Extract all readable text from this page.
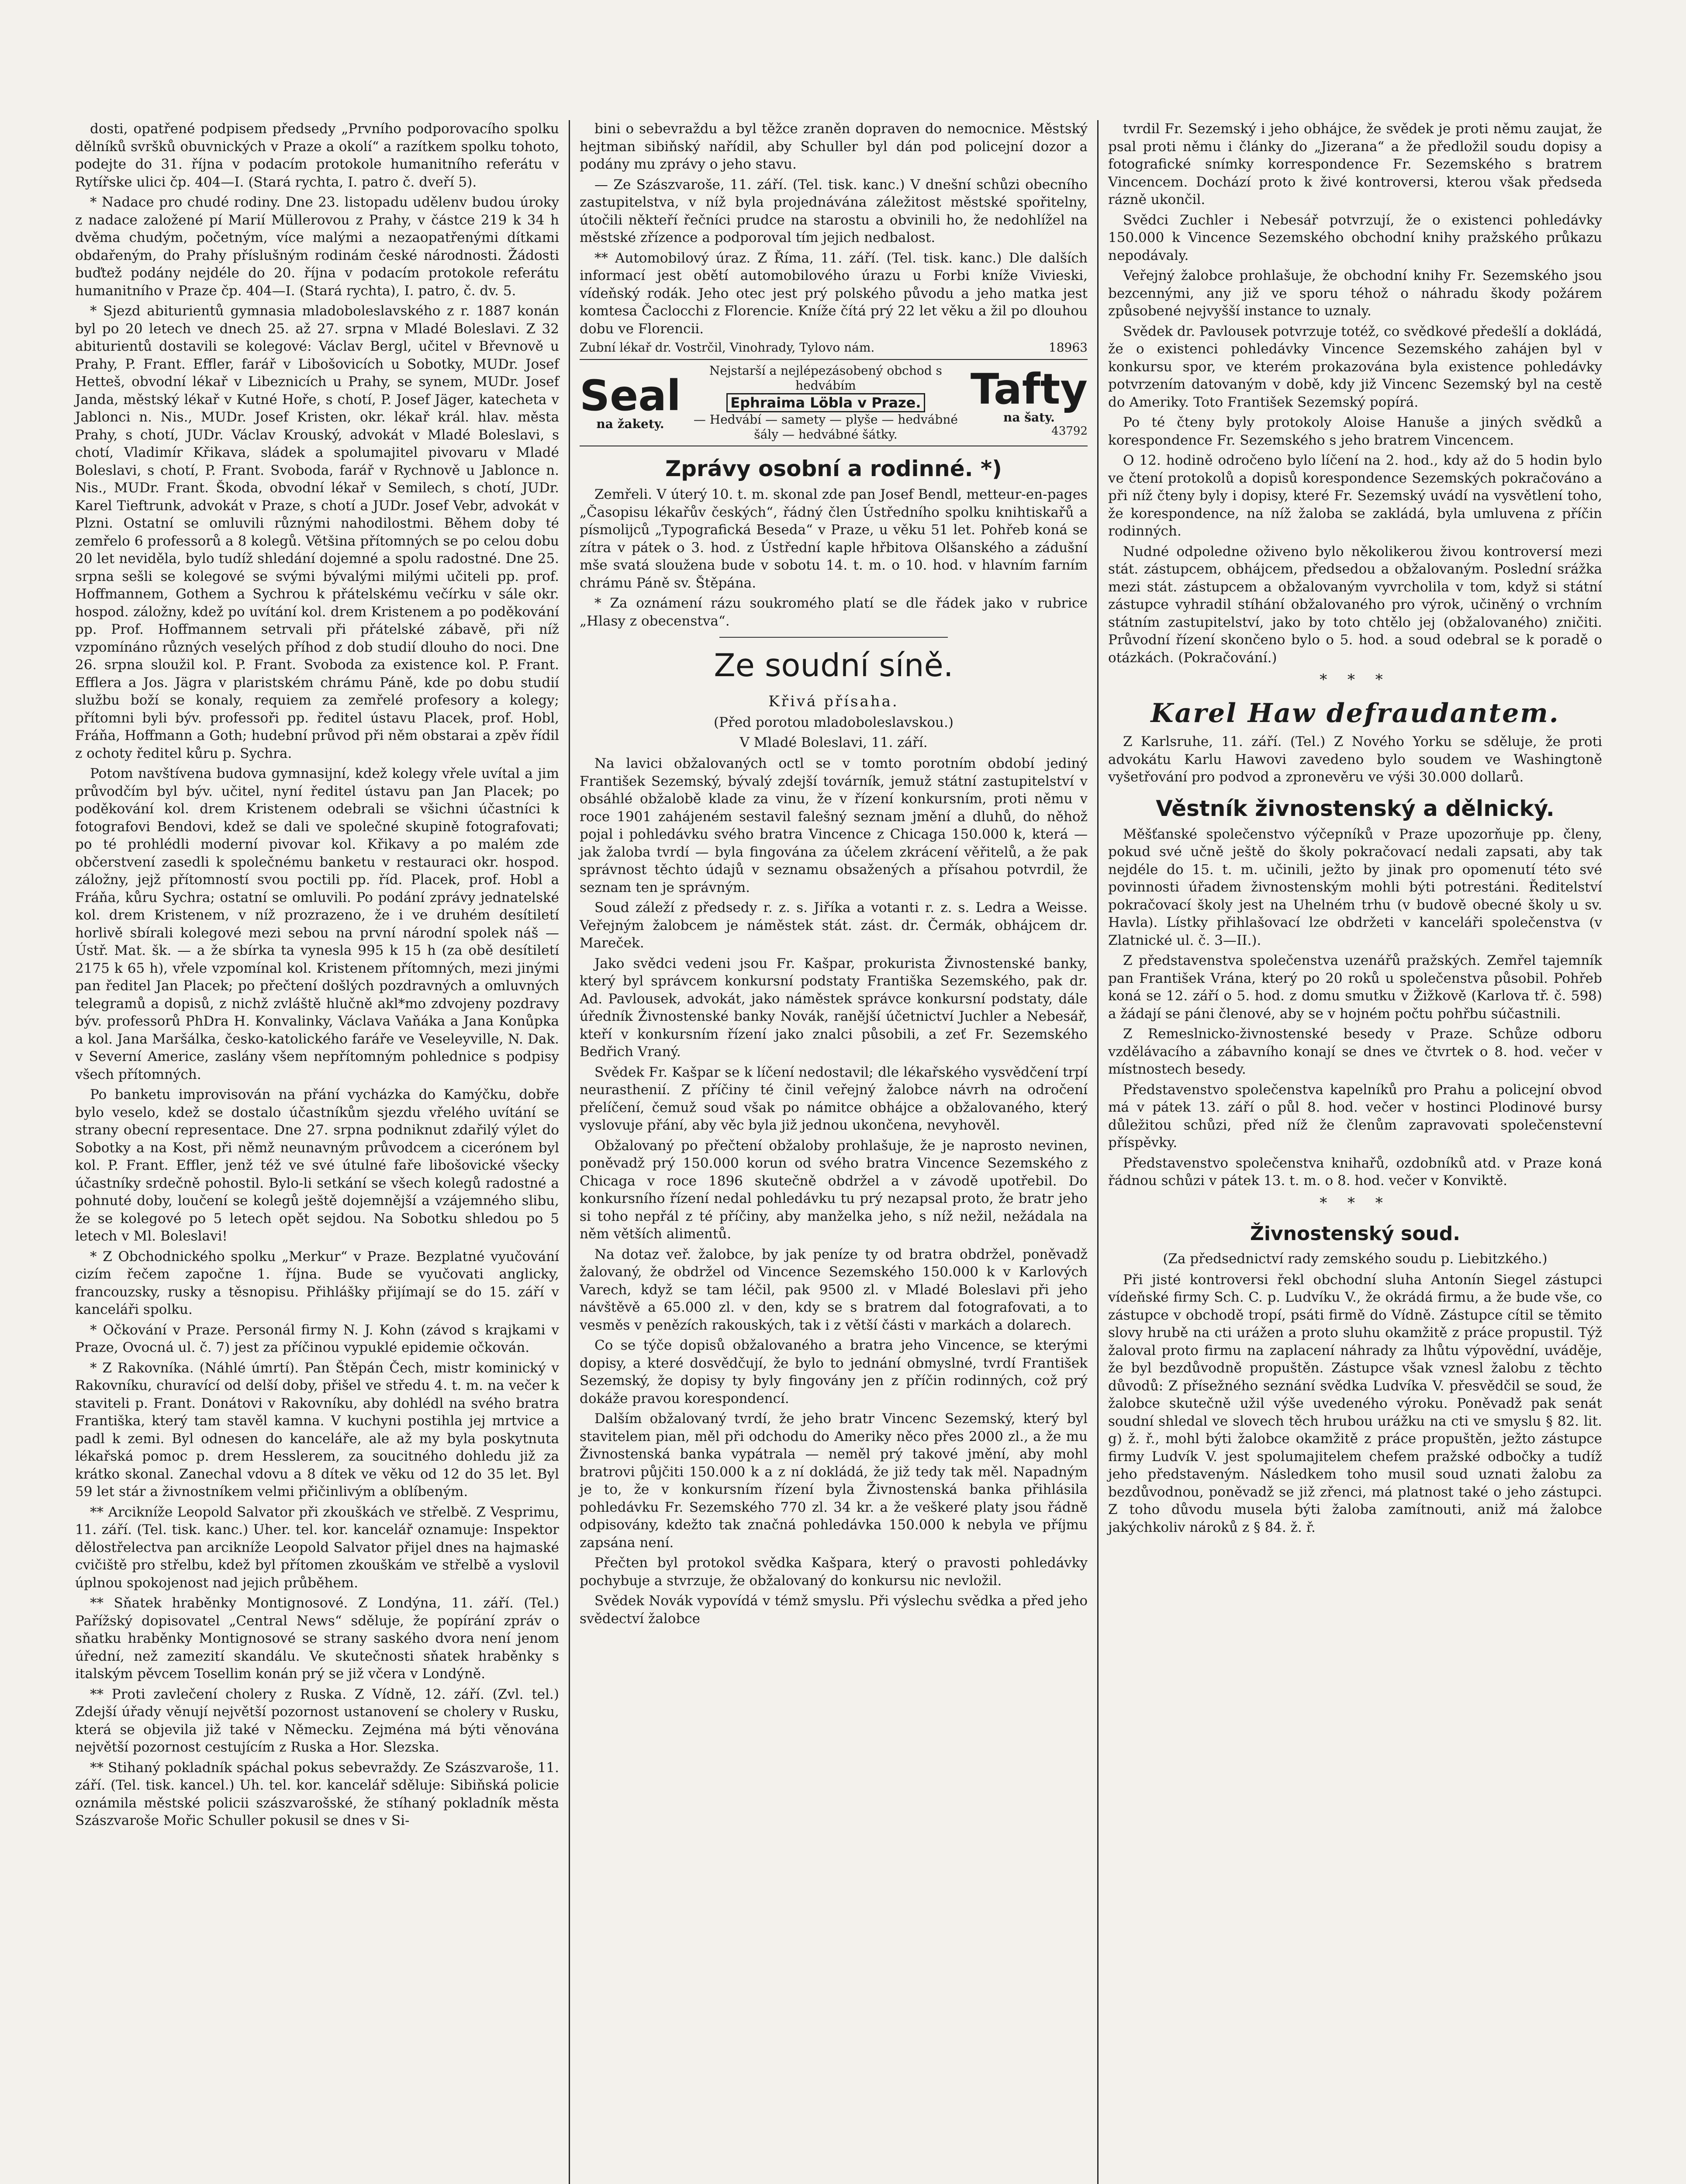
dosti, opatřené podpisem předsedy „Prvního podporovacího spolku dělníků svršků obuvnických v Praze a okolí“ a razítkem spolku tohoto, podejte do 31. října v podacím protokole humanitního referátu v Rytířske ulici čp. 404—I. (Stará rychta, I. patro č. dveří 5).

* Nadace pro chudé rodiny. Dne 23. listopadu udělenv budou úroky z nadace založené pí Marií Müllerovou z Prahy, v částce 219 k 34 h dvěma chudým, početným, více malými a nezaopatřenými dítkami obdařeným, do Prahy příslušným rodinám české národnosti. Žádosti buďtež podány nejdéle do 20. října v podacím protokole referátu humanitního v Praze čp. 404—I. (Stará rychta), I. patro, č. dv. 5.

* Sjezd abiturientů gymnasia mladoboleslavského z r. 1887 konán byl po 20 letech ve dnech 25. až 27. srpna v Mladé Boleslavi. Z 32 abiturientů dostavili se kolegové: Václav Bergl, učitel v Břevnově u Prahy, P. Frant. Effler, farář v Libošovicích u Sobotky, MUDr. Josef Hetteš, obvodní lékař v Libeznicích u Prahy, se synem, MUDr. Josef Janda, městský lékař v Kutné Hoře, s chotí, P. Josef Jäger, katecheta v Jablonci n. Nis., MUDr. Josef Kristen, okr. lékař král. hlav. města Prahy, s chotí, JUDr. Václav Krouský, advokát v Mladé Boleslavi, s chotí, Vladimír Křikava, sládek a spolumajitel pivovaru v Mladé Boleslavi, s chotí, P. Frant. Svoboda, farář v Rychnově u Jablonce n. Nis., MUDr. Frant. Škoda, obvodní lékař v Semilech, s chotí, JUDr. Karel Tieftrunk, advokát v Praze, s chotí a JUDr. Josef Vebr, advokát v Plzni. Ostatní se omluvili různými nahodilostmi. Během doby té zemřelo 6 professorů a 8 kolegů. Většina přítomných se po celou dobu 20 let neviděla, bylo tudíž shledání dojemné a spolu radostné. Dne 25. srpna sešli se kolegové se svými bývalými milými učiteli pp. prof. Hoffmannem, Gothem a Sychrou k přátelskému večírku v sále okr. hospod. záložny, kdež po uvítání kol. drem Kristenem a po poděkování pp. Prof. Hoffmannem setrvali při přátelské zábavě, při níž vzpomínáno různých veselých příhod z dob studií dlouho do noci. Dne 26. srpna sloužil kol. P. Frant. Svoboda za existence kol. P. Frant. Efflera a Jos. Jägra v plaristském chrámu Páně, kde po dobu studií službu boží se konaly, requiem za zemřelé profesory a kolegy; přítomni byli býv. professoři pp. ředitel ústavu Placek, prof. Hobl, Fráňa, Hoffmann a Goth; hudební průvod při něm obstarai a zpěv řídil z ochoty ředitel kůru p. Sychra.

Potom navštívena budova gymnasijní, kdež kolegy vřele uvítal a jim průvodčím byl býv. učitel, nyní ředitel ústavu pan Jan Placek; po poděkování kol. drem Kristenem odebrali se všichni účastníci k fotografovi Bendovi, kdež se dali ve společné skupině fotografovati; po té prohlédli moderní pivovar kol. Křikavy a po malém zde občerstvení zasedli k společnému banketu v restauraci okr. hospod. záložny, jejž přítomností svou poctili pp. říd. Placek, prof. Hobl a Fráňa, kůru Sychra; ostatní se omluvili. Po podání zprávy jednatelské kol. drem Kristenem, v níž prozrazeno, že i ve druhém desítiletí horlivě sbírali kolegové mezi sebou na první národní spolek náš — Ústř. Mat. šk. — a že sbírka ta vynesla 995 k 15 h (za obě desítiletí 2175 k 65 h), vřele vzpomínal kol. Kristenem přítomných, mezi jinými pan ředitel Jan Placek; po přečtení došlých pozdravných a omluvných telegramů a dopisů, z nichž zvláště hlučně akl*mo zdvojeny pozdravy býv. professorů PhDra H. Konvalinky, Václava Vaňáka a Jana Konůpka a kol. Jana Maršálka, česko-katolického faráře ve Veseleyville, N. Dak. v Severní Americe, zaslány všem nepřítomným pohlednice s podpisy všech přítomných.

Po banketu improvisován na přání vycházka do Kamýčku, dobře bylo veselo, kdež se dostalo účastníkům sjezdu vřelého uvítání se strany obecní representace. Dne 27. srpna podniknut zdařilý výlet do Sobotky a na Kost, při němž neunavným průvodcem a cicerónem byl kol. P. Frant. Effler, jenž též ve své útulné faře libošovické všecky účastníky srdečně pohostil. Bylo-li setkání se všech kolegů radostné a pohnuté doby, loučení se kolegů ještě dojemnější a vzájemného slibu, že se kolegové po 5 letech opět sejdou. Na Sobotku shledou po 5 letech v Ml. Boleslavi!

* Z Obchodnického spolku „Merkur“ v Praze. Bezplatné vyučování cizím řečem započne 1. října. Bude se vyučovati anglicky, francouzsky, rusky a těsnopisu. Přihlášky přijímají se do 15. září v kanceláři spolku.

* Očkování v Praze. Personál firmy N. J. Kohn (závod s krajkami v Praze, Ovocná ul. č. 7) jest za příčinou vypuklé epidemie očkován.

* Z Rakovníka. (Náhlé úmrtí). Pan Štěpán Čech, mistr kominický v Rakovníku, churavící od delší doby, přišel ve středu 4. t. m. na večer k staviteli p. Frant. Donátovi v Rakovníku, aby dohlédl na svého bratra Františka, který tam stavěl kamna. V kuchyni postihla jej mrtvice a padl k zemi. Byl odnesen do kanceláře, ale až my byla poskytnuta lékařská pomoc p. drem Hesslerem, za soucitného dohledu již za krátko skonal. Zanechal vdovu a 8 dítek ve věku od 12 do 35 let. Byl 59 let stár a živnostníkem velmi přičinlivým a oblíbeným.

** Arcikníže Leopold Salvator při zkouškách ve střelbě. Z Vesprimu, 11. září. (Tel. tisk. kanc.) Uher. tel. kor. kancelář oznamuje: Inspektor dělostřelectva pan arcikníže Leopold Salvator přijel dnes na hajmaské cvičiště pro střelbu, kdež byl přítomen zkouškám ve střelbě a vyslovil úplnou spokojenost nad jejich průběhem.

** Sňatek hraběnky Montignosové. Z Londýna, 11. září. (Tel.) Pařížský dopisovatel „Central News“ sděluje, že popírání zpráv o sňatku hraběnky Montignosové se strany saského dvora není jenom úřední, než zamezití skandálu. Ve skutečnosti sňatek hraběnky s italským pěvcem Tosellim konán prý se již včera v Londýně.

** Proti zavlečení cholery z Ruska. Z Vídně, 12. září. (Zvl. tel.) Zdejší úřady věnují největší pozornost ustanovení se cholery v Rusku, která se objevila již také v Německu. Zejména má býti věnována největší pozornost cestujícím z Ruska a Hor. Slezska.

** Stihaný pokladník spáchal pokus sebevraždy. Ze Szászvaroše, 11. září. (Tel. tisk. kancel.) Uh. tel. kor. kancelář sděluje: Sibiňská policie oznámila městské policii szászvarošské, že stíhaný pokladník města Szászvaroše Mořic Schuller pokusil se dnes v Si-

bini o sebevraždu a byl těžce zraněn dopraven do nemocnice. Městský hejtman sibiňský nařídil, aby Schuller byl dán pod policejní dozor a podány mu zprávy o jeho stavu.

— Ze Szászvaroše, 11. září. (Tel. tisk. kanc.) V dnešní schůzi obecního zastupitelstva, v níž byla projednávána záležitost městské spořitelny, útočili někteří řečníci prudce na starostu a obvinili ho, že nedohlížel na městské zřízence a podporoval tím jejich nedbalost.

** Automobilový úraz. Z Říma, 11. září. (Tel. tisk. kanc.) Dle dalších informací jest obětí automobilového úrazu u Forbi kníže Vivieski, vídeňský rodák. Jeho otec jest prý polského původu a jeho matka jest komtesa Čaclocchi z Florencie. Kníže čítá prý 22 let věku a žil po dlouhou dobu ve Florencii.

Zubní lékař dr. Vostrčil, Vinohrady, Tylovo nám.	18963
Seal
na žakety.
Nejstarší a nejlépezásobený obchod s hedvábím
Ephraima Löbla v Praze.
— Hedvábí — samety — plyše — hedvábné šály — hedvábné šátky.
Tafty
na šaty.
43792
Zprávy osobní a rodinné. *)

Zemřeli. V úterý 10. t. m. skonal zde pan Josef Bendl, metteur-en-pages „Časopisu lékařův českých“, řádný člen Ústředního spolku knihtiskařů a písmolijců „Typografická Beseda“ v Praze, u věku 51 let. Pohřeb koná se zítra v pátek o 3. hod. z Ústřední kaple hřbitova Olšanského a zádušní mše svatá sloužena bude v sobotu 14. t. m. o 10. hod. v hlavním farním chrámu Páně sv. Štěpána.

* Za oznámení rázu soukromého platí se dle řádek jako v rubrice „Hlasy z obecenstva“.

Ze soudní síně.
Křivá přísaha.
(Před porotou mladoboleslavskou.)
V Mladé Boleslavi, 11. září.

Na lavici obžalovaných octl se v tomto porotním období jediný František Sezemský, bývalý zdejší továrník, jemuž státní zastupitelství v obsáhlé obžalobě klade za vinu, že v řízení konkursním, proti němu v roce 1901 zahájeném sestavil falešný seznam jmění a dluhů, do něhož pojal i pohledávku svého bratra Vincence z Chicaga 150.000 k, která — jak žaloba tvrdí — byla fingována za účelem zkrácení věřitelů, a že pak správnost těchto údajů v seznamu obsažených a přísahou potvrdil, že seznam ten je správným.

Soud záleží z předsedy r. z. s. Jiříka a votanti r. z. s. Ledra a Weisse. Veřejným žalobcem je náměstek stát. zást. dr. Čermák, obhájcem dr. Mareček.

Jako svědci vedeni jsou Fr. Kašpar, prokurista Živnostenské banky, který byl správcem konkursní podstaty Františka Sezemského, pak dr. Ad. Pavlousek, advokát, jako náměstek správce konkursní podstaty, dále úředník Živnostenské banky Novák, ranější účetnictví Juchler a Nebesář, kteří v konkursním řízení jako znalci působili, a zeť Fr. Sezemského Bedřich Vraný.

Svědek Fr. Kašpar se k líčení nedostavil; dle lékařského vysvědčení trpí neurasthenií. Z příčiny té činil veřejný žalobce návrh na odročení přelíčení, čemuž soud však po námitce obhájce a obžalovaného, který vyslovuje přání, aby věc byla již jednou ukončena, nevyhověl.

Obžalovaný po přečtení obžaloby prohlašuje, že je naprosto nevinen, poněvadž prý 150.000 korun od svého bratra Vincence Sezemského z Chicaga v roce 1896 skutečně obdržel a v závodě upotřebil. Do konkursního řízení nedal pohledávku tu prý nezapsal proto, že bratr jeho si toho nepřál z té příčiny, aby manželka jeho, s níž nežil, nežádala na něm větších alimentů.

Na dotaz veř. žalobce, by jak peníze ty od bratra obdržel, poněvadž žalovaný, že obdržel od Vincence Sezemského 150.000 k v Karlových Varech, když se tam léčil, pak 9500 zl. v Mladé Boleslavi při jeho návštěvě a 65.000 zl. v den, kdy se s bratrem dal fotografovati, a to vesměs v penězích rakouských, tak i z větší části v markách a dolarech.

Co se týče dopisů obžalovaného a bratra jeho Vincence, se kterými dopisy, a které dosvědčují, že bylo to jednání obmyslné, tvrdí František Sezemský, že dopisy ty byly fingovány jen z příčin rodinných, což prý dokáže pravou korespondencí.

Dalším obžalovaný tvrdí, že jeho bratr Vincenc Sezemský, který byl stavitelem pian, měl při odchodu do Ameriky něco přes 2000 zl., a že mu Živnostenská banka vypátrala — neměl prý takové jmění, aby mohl bratrovi půjčiti 150.000 k a z ní dokládá, že již tedy tak měl. Napadným je to, že v konkursním řízení byla Živnostenská banka přihlásila pohledávku Fr. Sezemského 770 zl. 34 kr. a že veškeré platy jsou řádně odpisovány, kdežto tak značná pohledávka 150.000 k nebyla ve příjmu zapsána není.

Přečten byl protokol svědka Kašpara, který o pravosti pohledávky pochybuje a stvrzuje, že obžalovaný do konkursu nic nevložil.

Svědek Novák vypovídá v témž smyslu. Při výslechu svědka a před jeho svědectví žalobce

tvrdil Fr. Sezemský i jeho obhájce, že svědek je proti němu zaujat, že psal proti němu i články do „Jizerana“ a že předložil soudu dopisy a fotografické snímky korrespondence Fr. Sezemského s bratrem Vincencem. Dochází proto k živé kontroversi, kterou však předseda rázně ukončil.

Svědci Zuchler i Nebesář potvrzují, že o existenci pohledávky 150.000 k Vincence Sezemského obchodní knihy pražského průkazu nepodávaly.

Veřejný žalobce prohlašuje, že obchodní knihy Fr. Sezemského jsou bezcennými, any již ve sporu téhož o náhradu škody požárem způsobené nejvyšší instance to uznaly.

Svědek dr. Pavlousek potvrzuje totéž, co svědkové předešlí a dokládá, že o existenci pohledávky Vincence Sezemského zahájen byl v konkursu spor, ve kterém prokazována byla existence pohledávky potvrzením datovaným v době, kdy již Vincenc Sezemský byl na cestě do Ameriky. Toto František Sezemský popírá.

Po té čteny byly protokoly Aloise Hanuše a jiných svědků a korespondence Fr. Sezemského s jeho bratrem Vincencem.

O 12. hodině odročeno bylo líčení na 2. hod., kdy až do 5 hodin bylo ve čtení protokolů a dopisů korespondence Sezemských pokračováno a při níž čteny byly i dopisy, které Fr. Sezemský uvádí na vysvětlení toho, že korespondence, na níž žaloba se zakládá, byla umluvena z příčin rodinných.

Nudné odpoledne oživeno bylo několikerou živou kontroversí mezi stát. zástupcem, obhájcem, předsedou a obžalovaným. Poslední srážka mezi stát. zástupcem a obžalovaným vyvrcholila v tom, když si státní zástupce vyhradil stíhání obžalovaného pro výrok, učiněný o vrchním státním zastupitelství, jako by toto chtělo jej (obžalovaného) zničiti. Průvodní řízení skončeno bylo o 5. hod. a soud odebral se k poradě o otázkách. (Pokračování.)

* * *
Karel Haw defraudantem.

Z Karlsruhe, 11. září. (Tel.) Z Nového Yorku se sděluje, že proti advokátu Karlu Hawovi zavedeno bylo soudem ve Washingtoně vyšetřování pro podvod a zpronevěru ve výši 30.000 dollarů.

Věstník živnostenský a dělnický.

Měšťanské společenstvo výčepníků v Praze upozorňuje pp. členy, pokud své učně ještě do školy pokračovací nedali zapsati, aby tak nejdéle do 15. t. m. učinili, ježto by jinak pro opomenutí této své povinnosti úřadem živnostenským mohli býti potrestáni. Ředitelství pokračovací školy jest na Uhelném trhu (v budově obecné školy u sv. Havla). Lístky přihlašovací lze obdržeti v kanceláři společenstva (v Zlatnické ul. č. 3—II.).

Z představenstva společenstva uzenářů pražských. Zemřel tajemník pan František Vrána, který po 20 roků u společenstva působil. Pohřeb koná se 12. září o 5. hod. z domu smutku v Žižkově (Karlova tř. č. 598) a žádají se páni členové, aby se v hojném počtu pohřbu súčastnili.

Z Remeslnicko-živnostenské besedy v Praze. Schůze odboru vzdělávacího a zábavního konají se dnes ve čtvrtek o 8. hod. večer v místnostech besedy.

Představenstvo společenstva kapelníků pro Prahu a policejní obvod má v pátek 13. září o půl 8. hod. večer v hostinci Plodinové bursy důležitou schůzi, před níž že členům zapravovati společenstevní příspěvky.

Představenstvo společenstva knihařů, ozdobníků atd. v Praze koná řádnou schůzi v pátek 13. t. m. o 8. hod. večer v Konviktě.

* * *
Živnostenský soud.
(Za předsednictví rady zemského soudu p. Liebitzkého.)

Při jisté kontroversi řekl obchodní sluha Antonín Siegel zástupci vídeňské firmy Sch. C. p. Ludvíku V., že okrádá firmu, a že bude vše, co zástupce v obchodě tropí, psáti firmě do Vídně. Zástupce cítil se těmito slovy hrubě na cti urážen a proto sluhu okamžitě z práce propustil. Týž žaloval proto firmu na zaplacení náhrady za lhůtu výpovědní, uváděje, že byl bezdůvodně propuštěn. Zástupce však vznesl žalobu z těchto důvodů: Z přísežného seznání svědka Ludvíka V. přesvědčil se soud, že žalobce skutečně užil výše uvedeného výroku. Poněvadž pak senát soudní shledal ve slovech těch hrubou urážku na cti ve smyslu § 82. lit. g) ž. ř., mohl býti žalobce okamžitě z práce propuštěn, ježto zástupce firmy Ludvík V. jest spolumajitelem chefem pražské odbočky a tudíž jeho představeným. Následkem toho musil soud uznati žalobu za bezdůvodnou, poněvadž se již zřenci, má platnost také o jeho zástupci. Z toho důvodu musela býti žaloba zamítnouti, aniž má žalobce jakýchkoliv nároků z § 84. ž. ř.
